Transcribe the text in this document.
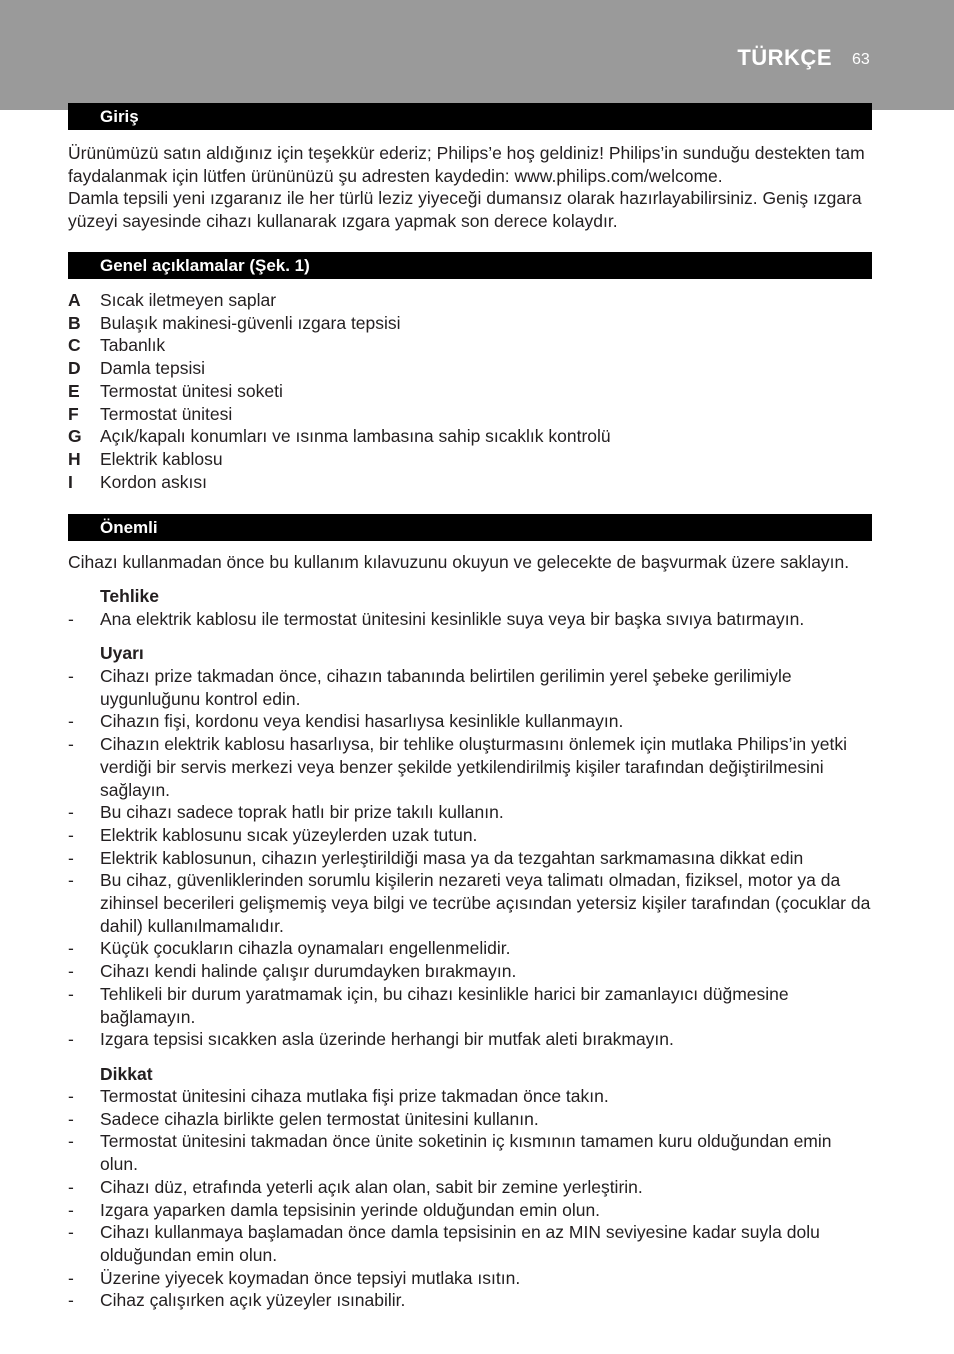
TÜRKÇE 63
Giriş

Ürünümüzü satın aldığınız için teşekkür ederiz; Philips’e hoş geldiniz! Philips’in sunduğu destekten tam faydalanmak için lütfen ürününüzü şu adresten kaydedin: www.philips.com/welcome.

Damla tepsili yeni ızgaranız ile her türlü leziz yiyeceği dumansız olarak hazırlayabilirsiniz. Geniş ızgara yüzeyi sayesinde cihazı kullanarak ızgara yapmak son derece kolaydır.

Genel açıklamalar (Şek. 1)
A	Sıcak iletmeyen saplar
B	Bulaşık makinesi-güvenli ızgara tepsisi
C	Tabanlık
D	Damla tepsisi
E	Termostat ünitesi soketi
F	Termostat ünitesi
G	Açık/kapalı konumları ve ısınma lambasına sahip sıcaklık kontrolü
H	Elektrik kablosu
I	Kordon askısı
Önemli

Cihazı kullanmadan önce bu kullanım kılavuzunu okuyun ve gelecekte de başvurmak üzere saklayın.

Tehlike
-	Ana elektrik kablosu ile termostat ünitesini kesinlikle suya veya bir başka sıvıya batırmayın.
Uyarı
-	Cihazı prize takmadan önce, cihazın tabanında belirtilen gerilimin yerel şebeke gerilimiyle uygunluğunu kontrol edin.
-	Cihazın fişi, kordonu veya kendisi hasarlıysa kesinlikle kullanmayın.
-	Cihazın elektrik kablosu hasarlıysa, bir tehlike oluşturmasını önlemek için mutlaka Philips’in yetki verdiği bir servis merkezi veya benzer şekilde yetkilendirilmiş kişiler tarafından değiştirilmesini sağlayın.
-	Bu cihazı sadece toprak hatlı bir prize takılı kullanın.
-	Elektrik kablosunu sıcak yüzeylerden uzak tutun.
-	Elektrik kablosunun, cihazın yerleştirildiği masa ya da tezgahtan sarkmamasına dikkat edin
-	Bu cihaz, güvenliklerinden sorumlu kişilerin nezareti veya talimatı olmadan, fiziksel, motor ya da zihinsel becerileri gelişmemiş veya bilgi ve tecrübe açısından yetersiz kişiler tarafından (çocuklar da dahil) kullanılmamalıdır.
-	Küçük çocukların cihazla oynamaları engellenmelidir.
-	Cihazı kendi halinde çalışır durumdayken bırakmayın.
-	Tehlikeli bir durum yaratmamak için, bu cihazı kesinlikle harici bir zamanlayıcı düğmesine bağlamayın.
-	Izgara tepsisi sıcakken asla üzerinde herhangi bir mutfak aleti bırakmayın.
Dikkat
-	Termostat ünitesini cihaza mutlaka fişi prize takmadan önce takın.
-	Sadece cihazla birlikte gelen termostat ünitesini kullanın.
-	Termostat ünitesini takmadan önce ünite soketinin iç kısmının tamamen kuru olduğundan emin olun.
-	Cihazı düz, etrafında yeterli açık alan olan, sabit bir zemine yerleştirin.
-	Izgara yaparken damla tepsisinin yerinde olduğundan emin olun.
-	Cihazı kullanmaya başlamadan önce damla tepsisinin en az MIN seviyesine kadar suyla dolu olduğundan emin olun.
-	Üzerine yiyecek koymadan önce tepsiyi mutlaka ısıtın.
-	Cihaz çalışırken açık yüzeyler ısınabilir.
